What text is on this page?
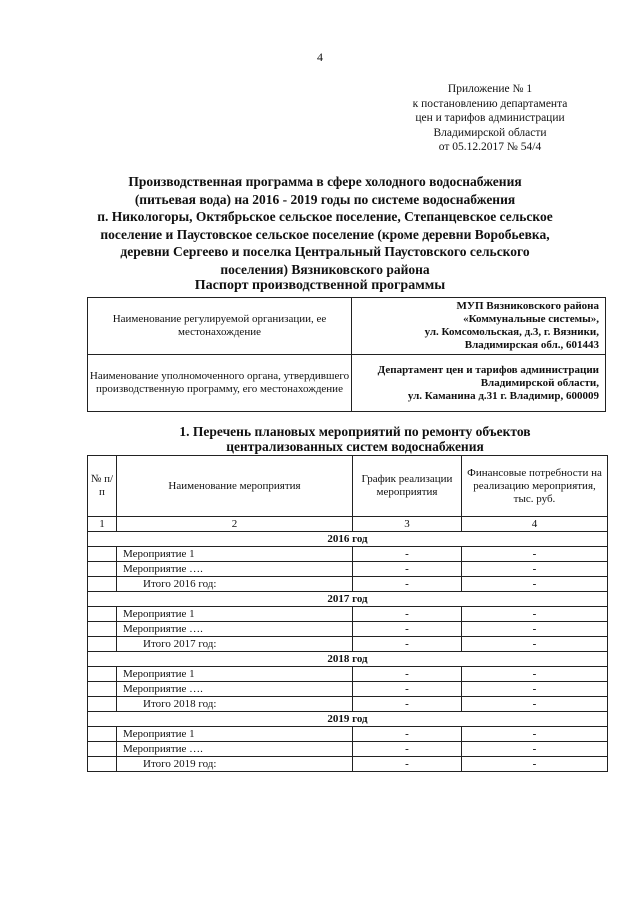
4
Приложение № 1
к постановлению департамента
цен и тарифов администрации
Владимирской области
от 05.12.2017 № 54/4
Производственная программа в сфере холодного водоснабжения
(питьевая вода) на 2016 - 2019 годы по системе водоснабжения
п. Никологоры, Октябрьское сельское поселение, Степанцевское сельское
поселение и Паустовское сельское поселение (кроме деревни Воробьевка,
деревни Сергеево и поселка Центральный Паустовского сельского
поселения) Вязниковского района
Паспорт производственной программы
Наименование регулируемой организации, ее местонахождение	МУП Вязниковского района
«Коммунальные системы»,
ул. Комсомольская, д.3, г. Вязники,
Владимирская обл., 601443

Наименование уполномоченного органа, утвердившего производственную программу, его местонахождение	Департамент цен и тарифов администрации
Владимирской области,
ул. Каманина д.31 г. Владимир, 600009
1. Перечень плановых мероприятий по ремонту объектов
централизованных систем водоснабжения
№ п/п	Наименование мероприятия	График реализации мероприятия	Финансовые потребности на реализацию мероприятия, тыс. руб.
1	2	3	4
2016 год			
	Мероприятие 1	-	-
	Мероприятие ….	-	-
	Итого 2016 год:	-	-
2017 год			
	Мероприятие 1	-	-
	Мероприятие ….	-	-
	Итого 2017 год:	-	-
2018 год			
	Мероприятие 1	-	-
	Мероприятие ….	-	-
	Итого 2018 год:	-	-
2019 год			
	Мероприятие 1	-	-
	Мероприятие ….	-	-
	Итого 2019 год:	-	-
